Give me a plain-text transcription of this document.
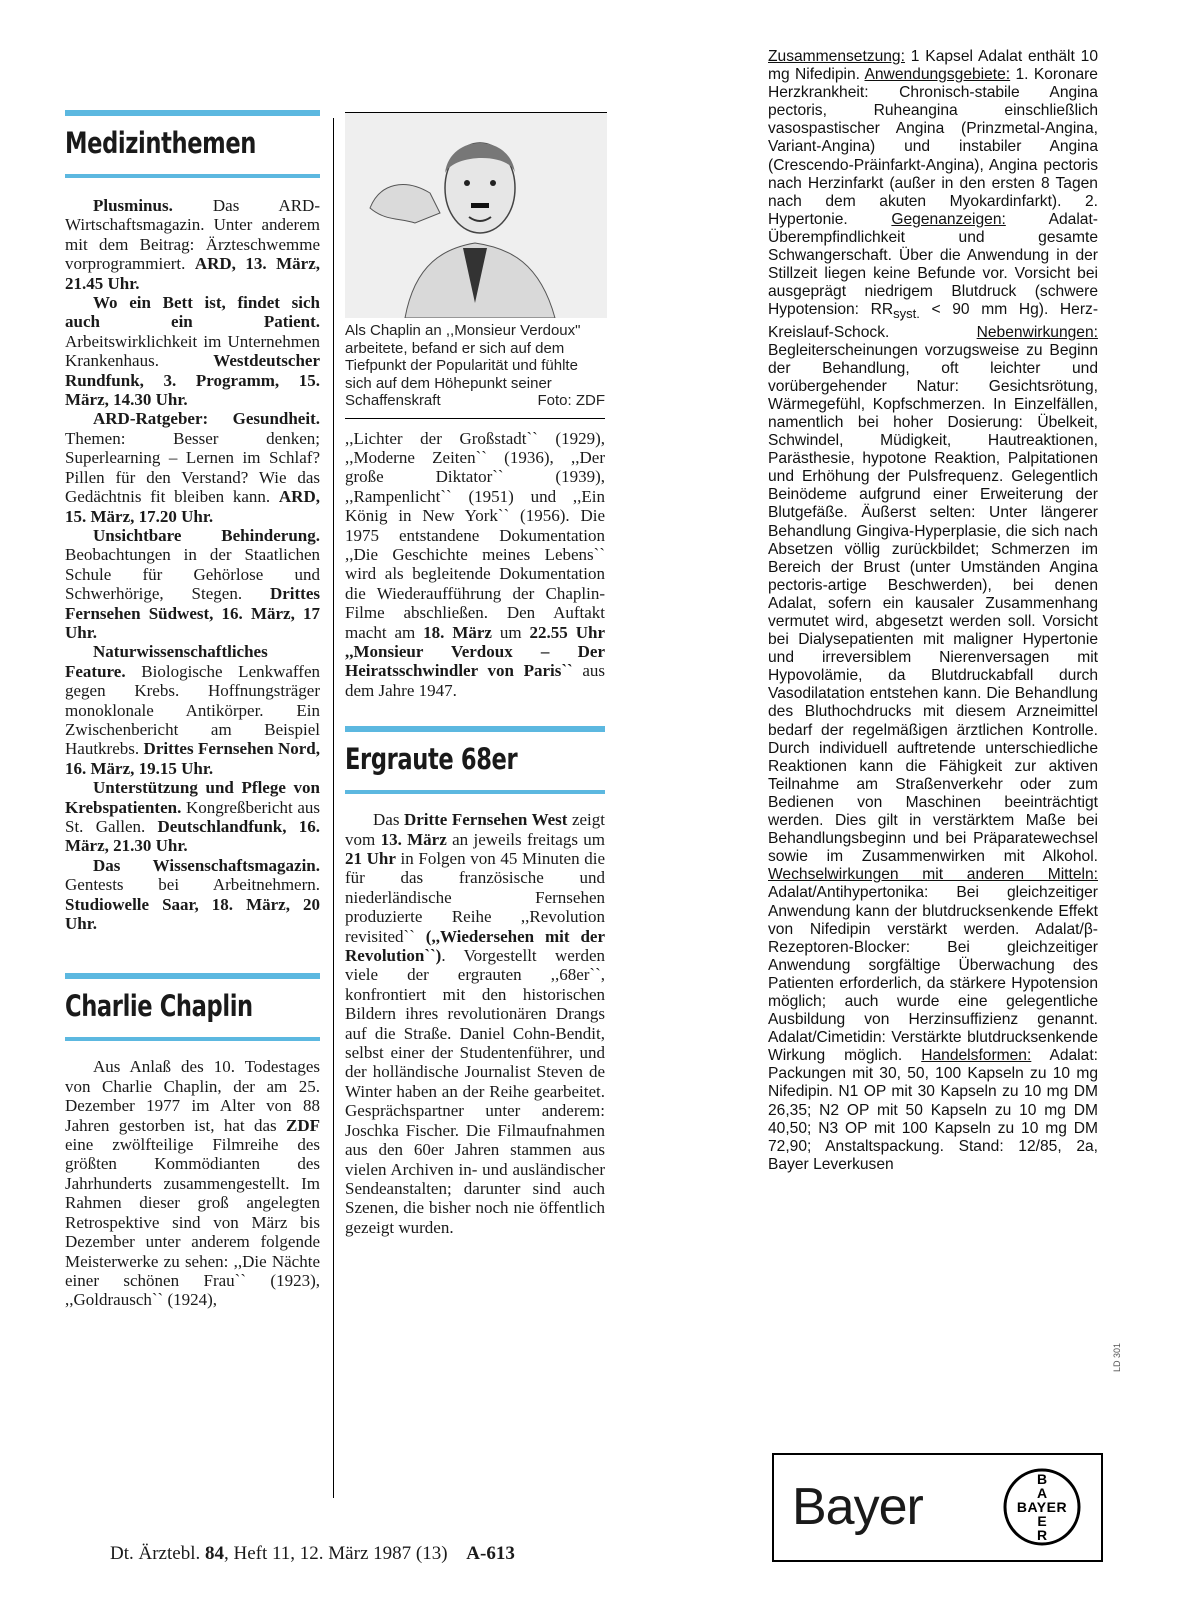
Medizinthemen

Plusminus. Das ARD-Wirtschaftsmagazin. Unter anderem mit dem Beitrag: Ärzteschwemme vorprogrammiert. ARD, 13. März, 21.45 Uhr.

Wo ein Bett ist, findet sich auch ein Patient. Arbeitswirklichkeit im Unternehmen Krankenhaus. Westdeutscher Rundfunk, 3. Programm, 15. März, 14.30 Uhr.

ARD-Ratgeber: Gesundheit. Themen: Besser denken; Superlearning – Lernen im Schlaf? Pillen für den Verstand? Wie das Gedächtnis fit bleiben kann. ARD, 15. März, 17.20 Uhr.

Unsichtbare Behinderung. Beobachtungen in der Staatlichen Schule für Gehörlose und Schwerhörige, Stegen. Drittes Fernsehen Südwest, 16. März, 17 Uhr.

Naturwissenschaftliches Feature. Biologische Lenkwaffen gegen Krebs. Hoffnungsträger monoklonale Antikörper. Ein Zwischenbericht am Beispiel Hautkrebs. Drittes Fernsehen Nord, 16. März, 19.15 Uhr.

Unterstützung und Pflege von Krebspatienten. Kongreßbericht aus St. Gallen. Deutschlandfunk, 16. März, 21.30 Uhr.

Das Wissenschaftsmagazin. Gentests bei Arbeitnehmern. Studiowelle Saar, 18. März, 20 Uhr.

Charlie Chaplin

Aus Anlaß des 10. Todestages von Charlie Chaplin, der am 25. Dezember 1977 im Alter von 88 Jahren gestorben ist, hat das ZDF eine zwölfteilige Filmreihe des größten Kommödianten des Jahrhunderts zusammengestellt. Im Rahmen dieser groß angelegten Retrospektive sind von März bis Dezember unter anderem folgende Meisterwerke zu sehen: ,,Die Nächte einer schönen Frau`` (1923), ,,Goldrausch`` (1924),

Als Chaplin an ,,Monsieur Verdoux" arbeitete, befand er sich auf dem Tiefpunkt der Popularität und fühlte sich auf dem Höhepunkt seiner Schaffenskraft	Foto: ZDF

,,Lichter der Großstadt`` (1929), ,,Moderne Zeiten`` (1936), ,,Der große Diktator`` (1939), ,,Rampenlicht`` (1951) und ,,Ein König in New York`` (1956). Die 1975 entstandene Dokumentation ,,Die Geschichte meines Lebens`` wird als begleitende Dokumentation die Wiederaufführung der Chaplin-Filme abschließen. Den Auftakt macht am 18. März um 22.55 Uhr ,,Monsieur Verdoux – Der Heiratsschwindler von Paris`` aus dem Jahre 1947.

Ergraute 68er

Das Dritte Fernsehen West zeigt vom 13. März an jeweils freitags um 21 Uhr in Folgen von 45 Minuten die für das französische und niederländische Fernsehen produzierte Reihe ,,Revolution revisited`` (,,Wiedersehen mit der Revolution``). Vorgestellt werden viele der ergrauten ,,68er``, konfrontiert mit den historischen Bildern ihres revolutionären Drangs auf die Straße. Daniel Cohn-Bendit, selbst einer der Studentenführer, und der holländische Journalist Steven de Winter haben an der Reihe gearbeitet. Gesprächspartner unter anderem: Joschka Fischer. Die Filmaufnahmen aus den 60er Jahren stammen aus vielen Archiven in- und ausländischer Sendeanstalten; darunter sind auch Szenen, die bisher noch nie öffentlich gezeigt wurden.

Zusammensetzung: 1 Kapsel Adalat enthält 10 mg Nifedipin. Anwendungsgebiete: 1. Koronare Herzkrankheit: Chronisch-stabile Angina pectoris, Ruheangina einschließlich vasospastischer Angina (Prinzmetal-Angina, Variant-Angina) und instabiler Angina (Crescendo-Präinfarkt-Angina), Angina pectoris nach Herzinfarkt (außer in den ersten 8 Tagen nach dem akuten Myokardinfarkt). 2. Hypertonie. Gegenanzeigen: Adalat-Überempfindlichkeit und gesamte Schwangerschaft. Über die Anwendung in der Stillzeit liegen keine Befunde vor. Vorsicht bei ausgeprägt niedrigem Blutdruck (schwere Hypotension: $RR_{syst.} < 90$ mm Hg). Herz-Kreislauf-Schock. Nebenwirkungen: Begleiterscheinungen vorzugsweise zu Beginn der Behandlung, oft leichter und vorübergehender Natur: Gesichtsrötung, Wärmegefühl, Kopfschmerzen. In Einzelfällen, namentlich bei hoher Dosierung: Übelkeit, Schwindel, Müdigkeit, Hautreaktionen, Parästhesie, hypotone Reaktion, Palpitationen und Erhöhung der Pulsfrequenz. Gelegentlich Beinödeme aufgrund einer Erweiterung der Blutgefäße. Äußerst selten: Unter längerer Behandlung Gingiva-Hyperplasie, die sich nach Absetzen völlig zurückbildet; Schmerzen im Bereich der Brust (unter Umständen Angina pectoris-artige Beschwerden), bei denen Adalat, sofern ein kausaler Zusammenhang vermutet wird, abgesetzt werden soll. Vorsicht bei Dialysepatienten mit maligner Hypertonie und irreversiblem Nierenversagen mit Hypovolämie, da Blutdruckabfall durch Vasodilatation entstehen kann. Die Behandlung des Bluthochdrucks mit diesem Arzneimittel bedarf der regelmäßigen ärztlichen Kontrolle. Durch individuell auftretende unterschiedliche Reaktionen kann die Fähigkeit zur aktiven Teilnahme am Straßenverkehr oder zum Bedienen von Maschinen beeinträchtigt werden. Dies gilt in verstärktem Maße bei Behandlungsbeginn und bei Präparatewechsel sowie im Zusammenwirken mit Alkohol. Wechselwirkungen mit anderen Mitteln: Adalat/Antihypertonika: Bei gleichzeitiger Anwendung kann der blutdrucksenkende Effekt von Nifedipin verstärkt werden. Adalat/β-Rezeptoren-Blocker: Bei gleichzeitiger Anwendung sorgfältige Überwachung des Patienten erforderlich, da stärkere Hypotension möglich; auch wurde eine gelegentliche Ausbildung von Herzinsuffizienz genannt. Adalat/Cimetidin: Verstärkte blutdrucksenkende Wirkung möglich. Handelsformen: Adalat: Packungen mit 30, 50, 100 Kapseln zu 10 mg Nifedipin. N1 OP mit 30 Kapseln zu 10 mg DM 26,35; N2 OP mit 50 Kapseln zu 10 mg DM 40,50; N3 OP mit 100 Kapseln zu 10 mg DM 72,90; Anstaltspackung. Stand: 12/85, 2a, Bayer Leverkusen
LD 301
Bayer	BAYER
B
A
E
R
Dt. Ärztebl. 84, Heft 11, 12. März 1987 (13) A-613
